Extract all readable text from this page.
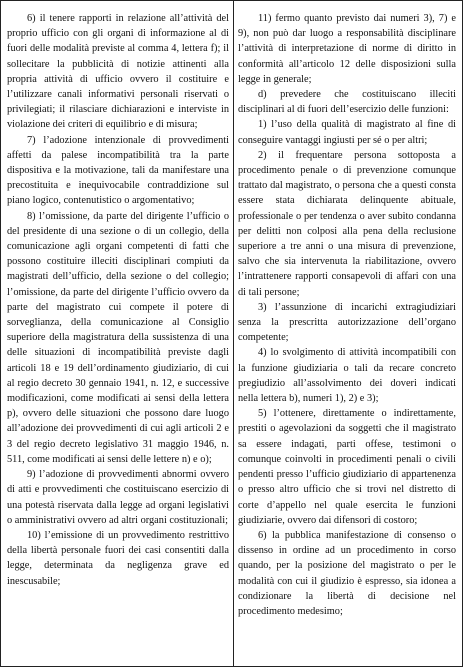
6) il tenere rapporti in relazione all’attività del proprio ufficio con gli organi di informazione al di fuori delle modalità previste al comma 4, lettera f); il sollecitare la pubblicità di notizie attinenti alla propria attività di ufficio ovvero il costituire e l’utilizzare canali informativi personali riservati o privilegiati; il rilasciare dichiarazioni e interviste in violazione dei criteri di equilibrio e di misura;

7) l’adozione intenzionale di provvedimenti affetti da palese incompatibilità tra la parte dispositiva e la motivazione, tali da manifestare una precostituita e inequivocabile contraddizione sul piano logico, contenutistico o argomentativo;

8) l’omissione, da parte del dirigente l’ufficio o del presidente di una sezione o di un collegio, della comunicazione agli organi competenti di fatti che possono costituire illeciti disciplinari compiuti da magistrati dell’ufficio, della sezione o del collegio; l’omissione, da parte del dirigente l’ufficio ovvero da parte del magistrato cui compete il potere di sorveglianza, della comunicazione al Consiglio superiore della magistratura della sussistenza di una delle situazioni di incompatibilità previste dagli articoli 18 e 19 dell’ordinamento giudiziario, di cui al regio decreto 30 gennaio 1941, n. 12, e successive modificazioni, come modificati ai sensi della lettera p), ovvero delle situazioni che possono dare luogo all’adozione dei provvedimenti di cui agli articoli 2 e 3 del regio decreto legislativo 31 maggio 1946, n. 511, come modificati ai sensi delle lettere n) e o);

9) l’adozione di provvedimenti abnormi ovvero di atti e provvedimenti che costituiscano esercizio di una potestà riservata dalla legge ad organi legislativi o amministrativi ovvero ad altri organi costituzionali;

10) l’emissione di un provvedimento restrittivo della libertà personale fuori dei casi consentiti dalla legge, determinata da negligenza grave ed inescusabile;

11) fermo quanto previsto dai numeri 3), 7) e 9), non può dar luogo a responsabilità disciplinare l’attività di interpretazione di norme di diritto in conformità all’articolo 12 delle disposizioni sulla legge in generale;

d) prevedere che costituiscano illeciti disciplinari al di fuori dell’esercizio delle funzioni:

1) l’uso della qualità di magistrato al fine di conseguire vantaggi ingiusti per sé o per altri;

2) il frequentare persona sottoposta a procedimento penale o di prevenzione comunque trattato dal magistrato, o persona che a questi consta essere stata dichiarata delinquente abituale, professionale o per tendenza o aver subito condanna per delitti non colposi alla pena della reclusione superiore a tre anni o una misura di prevenzione, salvo che sia intervenuta la riabilitazione, ovvero l’intrattenere rapporti consapevoli di affari con una di tali persone;

3) l’assunzione di incarichi extragiudiziari senza la prescritta autorizzazione dell’organo competente;

4) lo svolgimento di attività incompatibili con la funzione giudiziaria o tali da recare concreto pregiudizio all’assolvimento dei doveri indicati nella lettera b), numeri 1), 2) e 3);

5) l’ottenere, direttamente o indirettamente, prestiti o agevolazioni da soggetti che il magistrato sa essere indagati, parti offese, testimoni o comunque coinvolti in procedimenti penali o civili pendenti presso l’ufficio giudiziario di appartenenza o presso altro ufficio che si trovi nel distretto di corte d’appello nel quale esercita le funzioni giudiziarie, ovvero dai difensori di costoro;

6) la pubblica manifestazione di consenso o dissenso in ordine ad un procedimento in corso quando, per la posizione del magistrato o per le modalità con cui il giudizio è espresso, sia idonea a condizionare la libertà di decisione nel procedimento medesimo;
